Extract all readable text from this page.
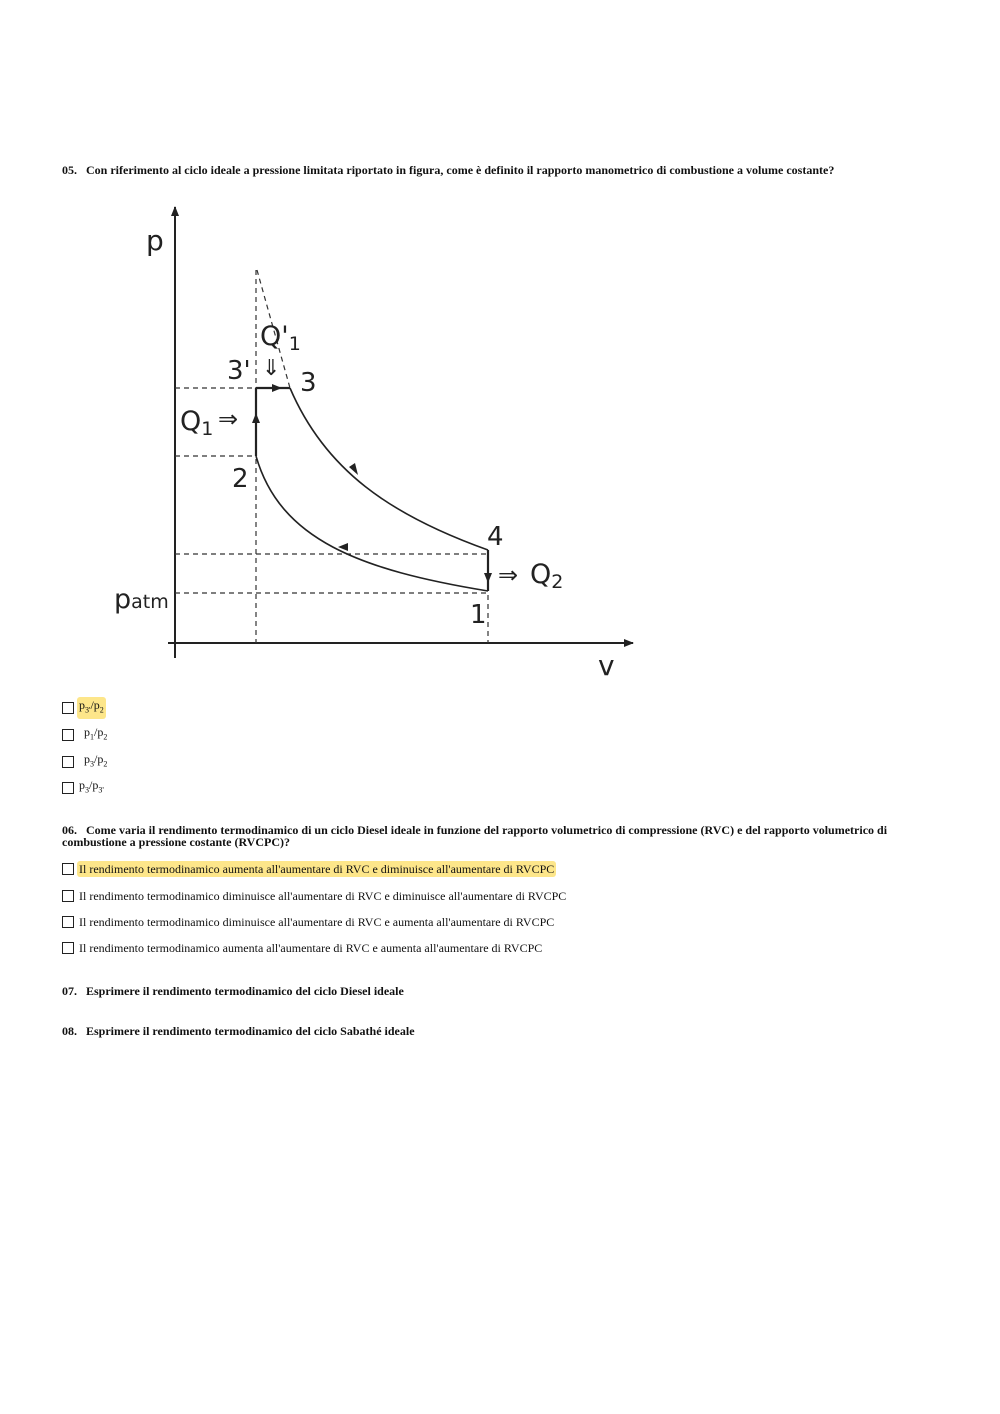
05. Con riferimento al ciclo ideale a pressione limitata riportato in figura, come è definito il rapporto manometrico di combustione a volume costante?
p
v
patm
3' 3
2
4
1
Q'1
⇓
Q1 ⇒
⇒ Q2
$p_{3'}/p_2$
$p_1/p_2$
$p_3/p_2$
$p_3/p_{3'}$
06. Come varia il rendimento termodinamico di un ciclo Diesel ideale in funzione del rapporto volumetrico di compressione (RVC) e del rapporto volumetrico di combustione a pressione costante (RVCPC)?
Il rendimento termodinamico aumenta all'aumentare di RVC e diminuisce all'aumentare di RVCPC
Il rendimento termodinamico diminuisce all'aumentare di RVC e diminuisce all'aumentare di RVCPC
Il rendimento termodinamico diminuisce all'aumentare di RVC e aumenta all'aumentare di RVCPC
Il rendimento termodinamico aumenta all'aumentare di RVC e aumenta all'aumentare di RVCPC
07. Esprimere il rendimento termodinamico del ciclo Diesel ideale
08. Esprimere il rendimento termodinamico del ciclo Sabathé ideale
